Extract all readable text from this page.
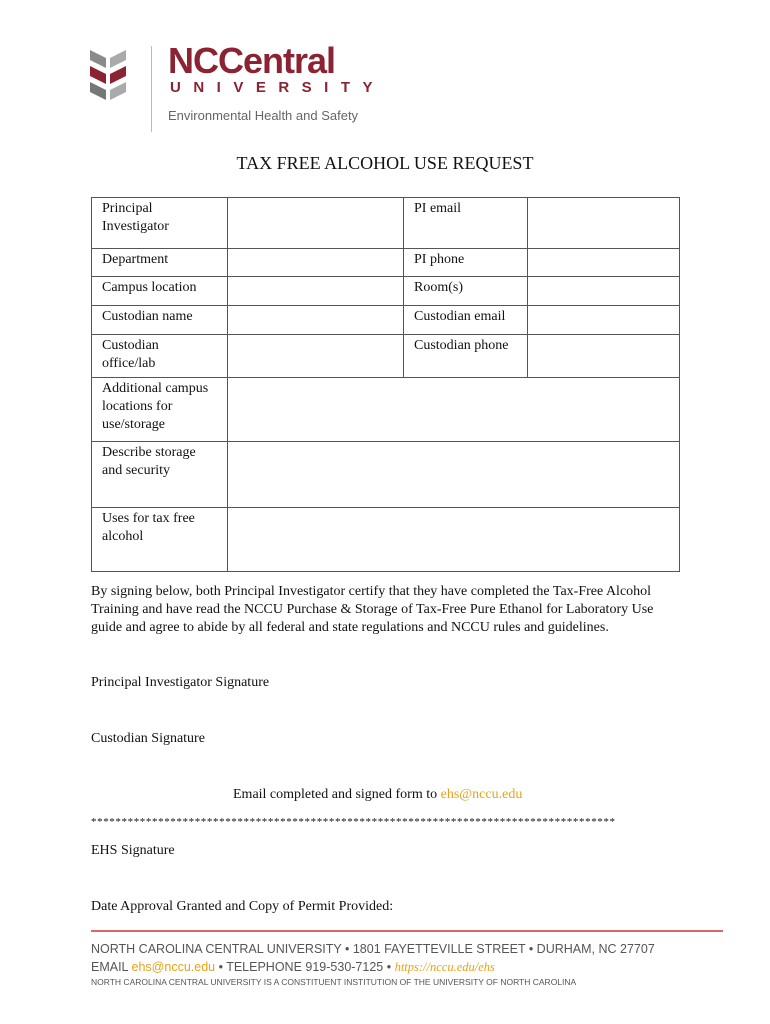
NCCentral
UNIVERSITY
Environmental Health and Safety
TAX FREE ALCOHOL USE REQUEST
Principal Investigator		PI email	
Department		PI phone	
Campus location		Room(s)	
Custodian name		Custodian email	
Custodian office/lab		Custodian phone	
Additional campus locations for use/storage			
Describe storage and security			
Uses for tax free alcohol			
By signing below, both Principal Investigator certify that they have completed the Tax-Free Alcohol Training and have read the NCCU Purchase & Storage of Tax-Free Pure Ethanol for Laboratory Use guide and agree to abide by all federal and state regulations and NCCU rules and guidelines.
Principal Investigator Signature
Custodian Signature
Email completed and signed form to ehs@nccu.edu
**************************************************************************************
EHS Signature
Date Approval Granted and Copy of Permit Provided:
NORTH CAROLINA CENTRAL UNIVERSITY • 1801 FAYETTEVILLE STREET • DURHAM, NC 27707
EMAIL ehs@nccu.edu • TELEPHONE 919-530-7125 • https://nccu.edu/ehs
NORTH CAROLINA CENTRAL UNIVERSITY IS A CONSTITUENT INSTITUTION OF THE UNIVERSITY OF NORTH CAROLINA
